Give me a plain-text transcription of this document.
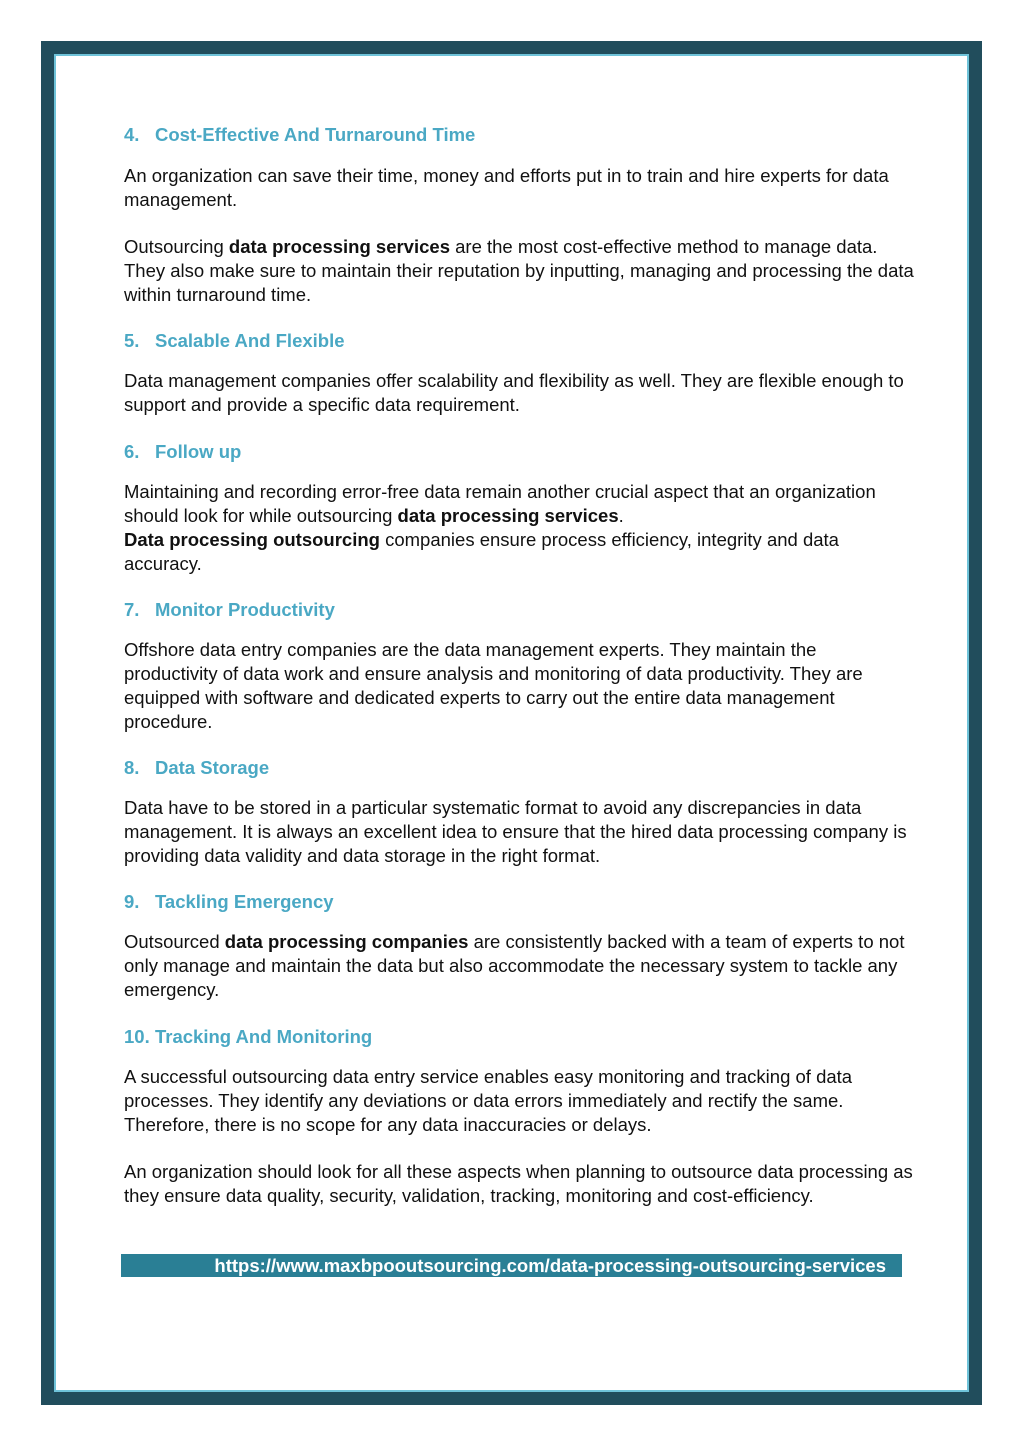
4. Cost-Effective And Turnaround Time
An organization can save their time, money and efforts put in to train and hire experts for data management.
Outsourcing data processing services are the most cost-effective method to manage data. They also make sure to maintain their reputation by inputting, managing and processing the data within turnaround time.
5. Scalable And Flexible
Data management companies offer scalability and flexibility as well. They are flexible enough to support and provide a specific data requirement.
6. Follow up
Maintaining and recording error-free data remain another crucial aspect that an organization should look for while outsourcing data processing services.
Data processing outsourcing companies ensure process efficiency, integrity and data accuracy.
7. Monitor Productivity
Offshore data entry companies are the data management experts. They maintain the productivity of data work and ensure analysis and monitoring of data productivity. They are equipped with software and dedicated experts to carry out the entire data management procedure.
8. Data Storage
Data have to be stored in a particular systematic format to avoid any discrepancies in data management. It is always an excellent idea to ensure that the hired data processing company is providing data validity and data storage in the right format.
9. Tackling Emergency
Outsourced data processing companies are consistently backed with a team of experts to not only manage and maintain the data but also accommodate the necessary system to tackle any emergency.
10. Tracking And Monitoring
A successful outsourcing data entry service enables easy monitoring and tracking of data processes. They identify any deviations or data errors immediately and rectify the same. Therefore, there is no scope for any data inaccuracies or delays.
An organization should look for all these aspects when planning to outsource data processing as they ensure data quality, security, validation, tracking, monitoring and cost-efficiency.
https://www.maxbpooutsourcing.com/data-processing-outsourcing-services
